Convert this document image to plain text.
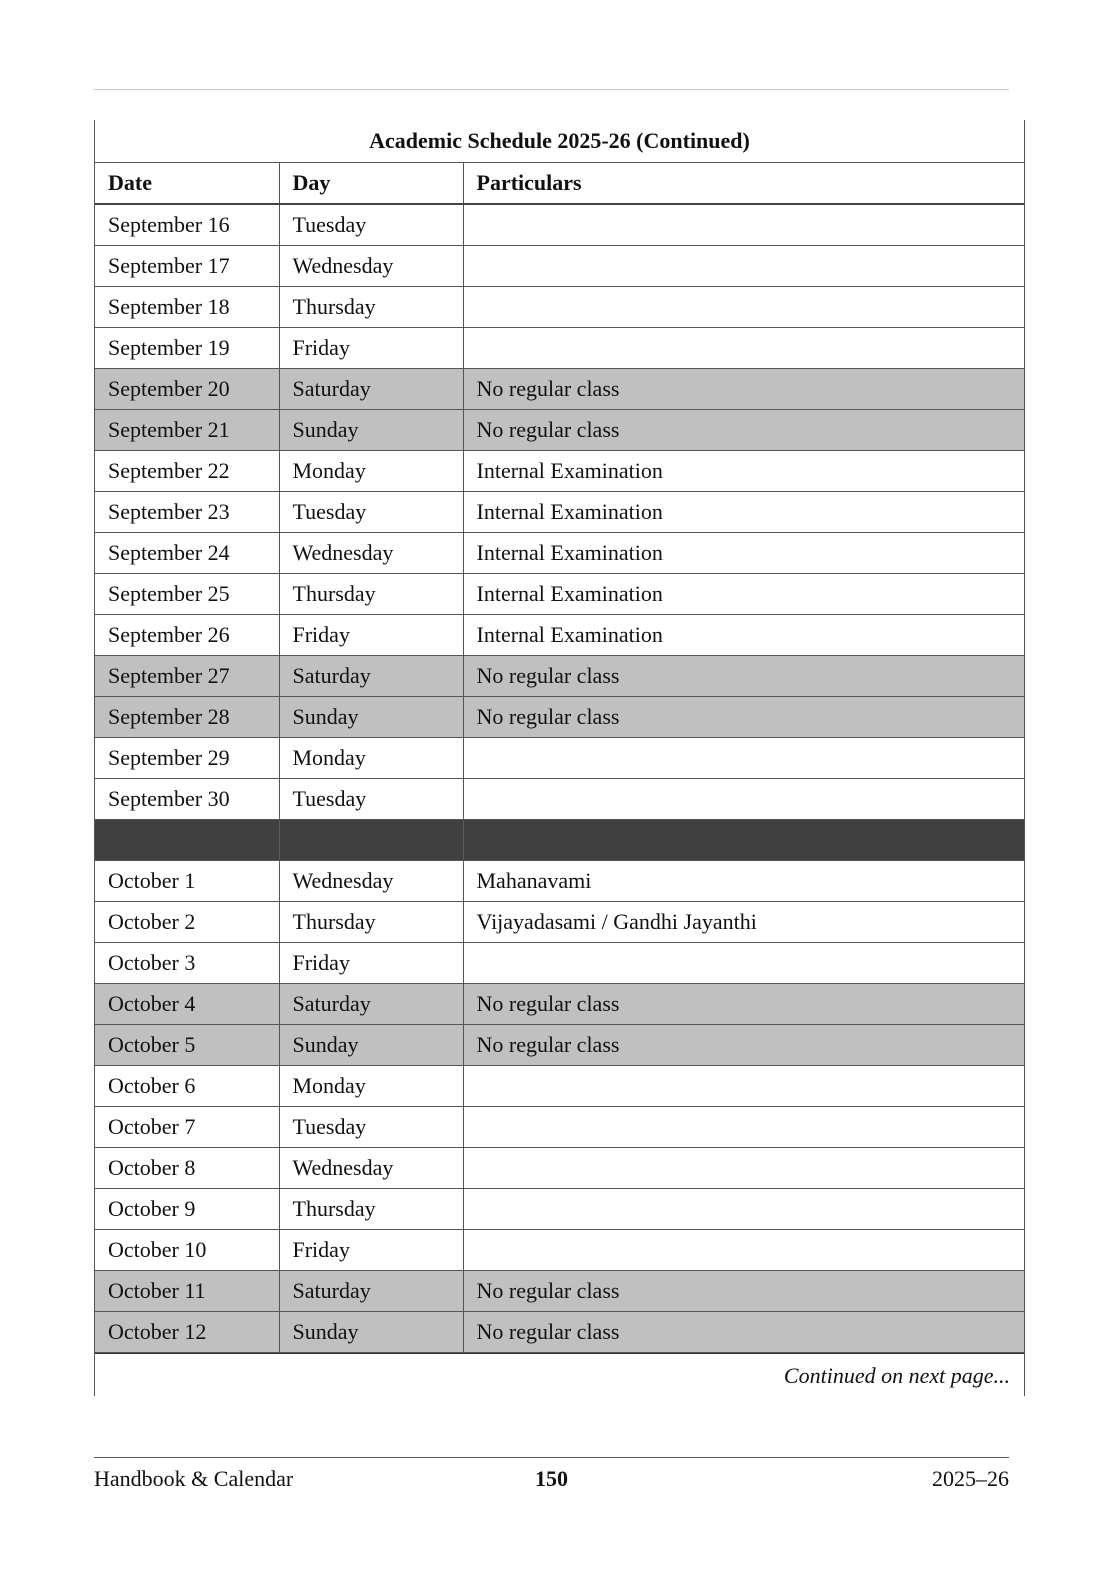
Academic Schedule 2025-26 (Continued)
Date	Day	Particulars
September 16	Tuesday	
September 17	Wednesday	
September 18	Thursday	
September 19	Friday	
September 20	Saturday	No regular class
September 21	Sunday	No regular class
September 22	Monday	Internal Examination
September 23	Tuesday	Internal Examination
September 24	Wednesday	Internal Examination
September 25	Thursday	Internal Examination
September 26	Friday	Internal Examination
September 27	Saturday	No regular class
September 28	Sunday	No regular class
September 29	Monday	
September 30	Tuesday	

October 1	Wednesday	Mahanavami
October 2	Thursday	Vijayadasami / Gandhi Jayanthi
October 3	Friday	
October 4	Saturday	No regular class
October 5	Sunday	No regular class
October 6	Monday	
October 7	Tuesday	
October 8	Wednesday	
October 9	Thursday	
October 10	Friday	
October 11	Saturday	No regular class
October 12	Sunday	No regular class
Continued on next page...
Handbook & Calendar	150	2025–26
